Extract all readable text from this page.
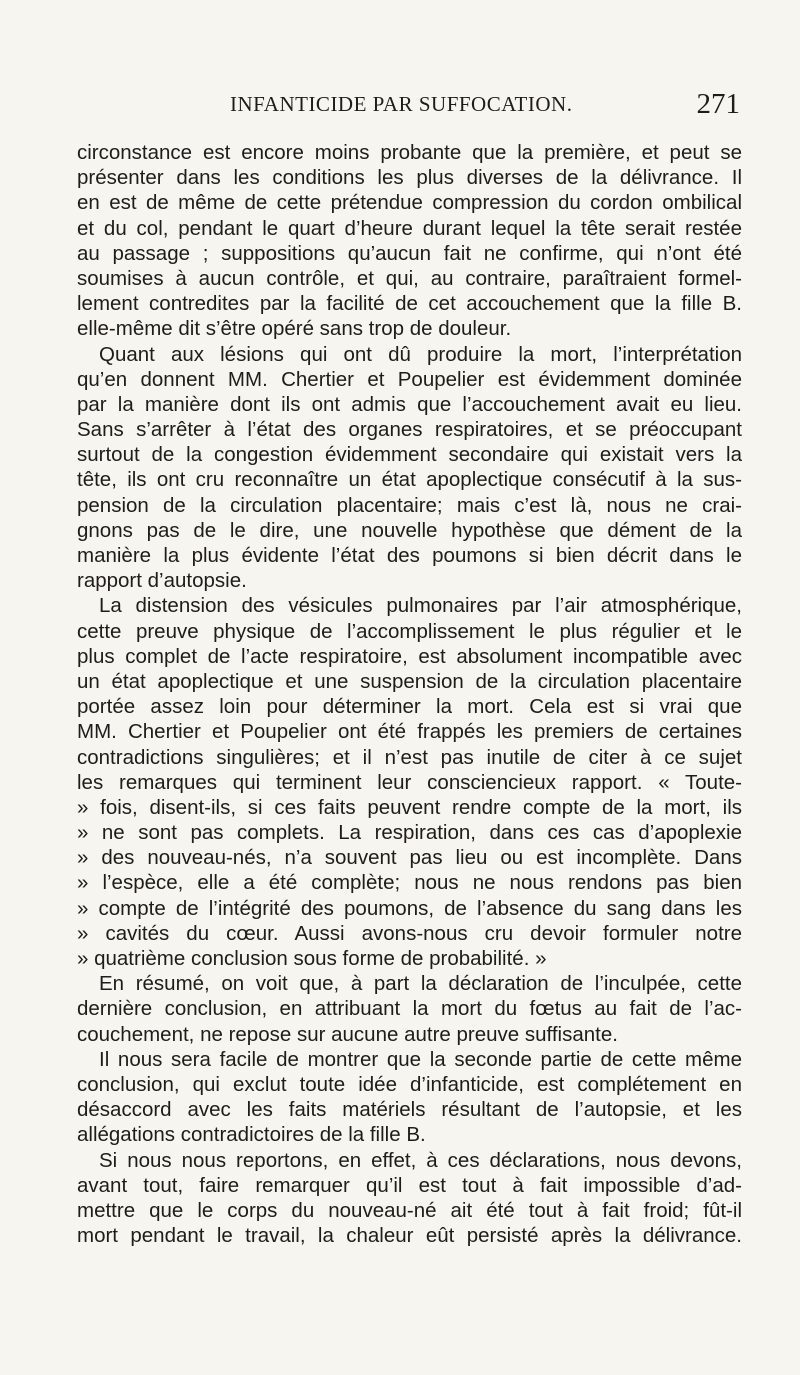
INFANTICIDE PAR SUFFOCATION.	271
circonstance est encore moins probante que la première, et peut se
présenter dans les conditions les plus diverses de la délivrance. Il
en est de même de cette prétendue compression du cordon ombilical
et du col, pendant le quart d’heure durant lequel la tête serait restée
au passage ; suppositions qu’aucun fait ne confirme, qui n’ont été
soumises à aucun contrôle, et qui, au contraire, paraîtraient formel-
lement contredites par la facilité de cet accouchement que la fille B.
elle-même dit s’être opéré sans trop de douleur.
Quant aux lésions qui ont dû produire la mort, l’interprétation
qu’en donnent MM. Chertier et Poupelier est évidemment dominée
par la manière dont ils ont admis que l’accouchement avait eu lieu.
Sans s’arrêter à l’état des organes respiratoires, et se préoccupant
surtout de la congestion évidemment secondaire qui existait vers la
tête, ils ont cru reconnaître un état apoplectique consécutif à la sus-
pension de la circulation placentaire; mais c’est là, nous ne crai-
gnons pas de le dire, une nouvelle hypothèse que dément de la
manière la plus évidente l’état des poumons si bien décrit dans le
rapport d’autopsie.
La distension des vésicules pulmonaires par l’air atmosphérique,
cette preuve physique de l’accomplissement le plus régulier et le
plus complet de l’acte respiratoire, est absolument incompatible avec
un état apoplectique et une suspension de la circulation placentaire
portée assez loin pour déterminer la mort. Cela est si vrai que
MM. Chertier et Poupelier ont été frappés les premiers de certaines
contradictions singulières; et il n’est pas inutile de citer à ce sujet
les remarques qui terminent leur consciencieux rapport. « Toute-
» fois, disent-ils, si ces faits peuvent rendre compte de la mort, ils
» ne sont pas complets. La respiration, dans ces cas d’apoplexie
» des nouveau-nés, n’a souvent pas lieu ou est incomplète. Dans
» l’espèce, elle a été complète; nous ne nous rendons pas bien
» compte de l’intégrité des poumons, de l’absence du sang dans les
» cavités du cœur. Aussi avons-nous cru devoir formuler notre
» quatrième conclusion sous forme de probabilité. »
En résumé, on voit que, à part la déclaration de l’inculpée, cette
dernière conclusion, en attribuant la mort du fœtus au fait de l’ac-
couchement, ne repose sur aucune autre preuve suffisante.
Il nous sera facile de montrer que la seconde partie de cette même
conclusion, qui exclut toute idée d’infanticide, est complétement en
désaccord avec les faits matériels résultant de l’autopsie, et les
allégations contradictoires de la fille B.
Si nous nous reportons, en effet, à ces déclarations, nous devons,
avant tout, faire remarquer qu’il est tout à fait impossible d’ad-
mettre que le corps du nouveau-né ait été tout à fait froid; fût-il
mort pendant le travail, la chaleur eût persisté après la délivrance.
